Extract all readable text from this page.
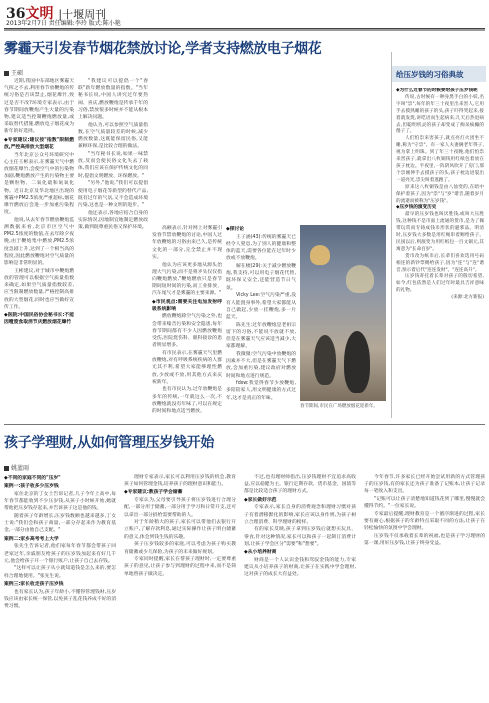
36文明 |十堰周刊
2013年2月7日 责任编辑:李玲 版式:陈小艳
雾霾天引发春节烟花禁放讨论,学者支持燃放电子烟花
王硕

近期,我国中东部地区雾霾天气挥之不去,利用春节放鞭炮的传统习俗是否该禁止,烟花爆竹,致过是否不改?环境专家表示,由于春节期间放鞭炮产生大量的污染物,建议适当控制鞭炮燃放量,或采取替代措施,燃放电子烟花成为新年的好选择。

◆专家建议:建议按"指数"限制燃放,严控高排放大型烟花

当年北京公众号环境研究中心主任王彬表示,在雾霾天气中燃放烟花爆竹,会使空气中的污染物加剧,鞭炮燃放产生的污染物主要是颗粒物、二氧化硫和氮氧化物。近日北京及华北地区出现的雾霾中PM2.5浓度严重超标,烟花爆竹燃放后会进一步加重污染程度。

他说,从去年春节燃放鞭炮监测数据来看,北京市区空气中PM2.5浓度的数值,在去年除夕夜晚,由于鞭炮集中燃放,PM2.5浓度急剧上升,达到了一个相当高的程度,因此燃放鞭炮对空气质量的影响是非常明显的。

王彬建议,对于城市中鞭炮燃放的管理可以根据空气质量指数来确定,如果空气质量指数较差,应当限制燃放数量,严格控制高排放的大型烟花,同时也应当做好宣传工作。

◆医院:中国民俗协会秘书长:不能因噎废食取消节庆燃放烟花爆竹

"我建议可以提倡一个"春联"新年燃放数量的指数。"当年秘书长说,中国人讲究过年要热闹、喜庆,燃放鞭炮是传承千年的习俗,禁放很多时候并不能从根本上解决问题。

他认为,可以参照空气质量指数,在空气质量较差的时候,减少燃放数量,这既能保留民俗,又能兼顾环保,是比较合理的做法。

"当年秘书长说,如果一味禁放,反而会使民俗文化失去了载体,我们应该在保护传统文化的同时,提倡文明燃放、环保燃放。"

"另外,"他说,"我们可以提倡使用电子烟花等新型的替代产品,既有过年的气氛,又不会造成环境污染,这也是一种文明的进步。"

他还表示,各地应结合自身的实际情况,因地制宜地制定燃放政策,做到既尊重民俗又保护环境。	高额表示,针对网上对雾霾引发春节禁放鞭炮的讨论,中国人过年放鞭炮的习俗由来已久,是传统文化的一部分,完全禁止并不现实。

他认为应该更多地从源头治理大气污染,而不是将矛头仅仅指向鞭炮燃放,"鞭炮燃放只是春节期间短时间的污染,而工业排放、汽车尾气才是雾霾的主要来源。"

◆市民观点:需要关注电加发射呼吸系统影响

燃放鞭炮除空气污染之外,也会带来噪音污染和安全隐患,每年春节期间都有不少人因燃放鞭炮受伤,医院烧伤科、眼科接诊的患者明显增多。

有市民表示,在雾霾天气里燃放鞭炮,对有呼吸系统疾病的人群尤其不利,希望大家能够理性燃放,少放或不放,用其他方式来庆祝新年。

也有市民认为,过年放鞭炮是多年的传统,一年就这么一次,不放鞭炮就没有年味了,可以在规定的时间和地点适当燃放。

◆探讨论

王子涵(43):传统的雾霾天已经令人窒息,为了别人的健康和整体的蓝天,需要各位能在过年时少放或不放鞭炮。

解在梳(29):关于减少燃放鞭炮,我支持,可以用电子烟花代替,既环保又安全,还能营造节日气氛。

Vicky Lee:空气污染严重,没有人能置身事外,希望大家都能从自己做起,少放一挂鞭炮,多一片蓝天。

陈先生:过年放鞭炮是老祖宗留下的习俗,不能说不放就不放,但是在雾霾天气应该适当减少,大家都理解。

我微微:空气污染中放鞭炮的因素并不大,但是在雾霾天气下燃放,会加重污染,建议政府对燃放时间和地点进行规范。

fdsw:我觉得春节少放鞭炮,多陪陪家人,用文明健康的方式过年,这才是真正的年味。

春节期间,市民在广场燃放烟花迎新年。
给压岁钱的习俗典故

◆为什么过春节的时候要给孩子压岁钱呢

传说,古时候有一种身黑手白的小妖,名字叫"祟",每年的年三十夜里出来害人,它用手去摸熟睡的孩子的头,孩子吓得哭起来,接着就发烧,讲呓语而生起病来,几天后热退病去,但聪明机灵的孩子却变成了痴呆疯癫的傻子了。

人们怕祟来害孩子,就点亮灯火团坐不睡,称为"守祟"。有一家人夫妻俩老年得子,视为掌上明珠。到了年三十夜晚,他们怕祟来害孩子,就拿出八枚铜钱用红纸包着放在孩子枕边。半夜里,一阵阴风吹开了房门,那个祟刚伸手去摸孩子的头,孩子枕边迸裂出一道亮光,祟尖叫着逃跑了。

原来这八枚铜钱是由八仙变的,在暗中保护着孩子,因为"祟"与"岁"谐音,随着岁月的流逝而被称为"压岁钱"。

◆压岁钱的演变历史

最早的压岁钱也叫厌胜钱,或叫大压胜钱,这种钱不是市面上流通的货币,是为了佩带玩赏而专铸成钱币形状的避邪品。明清时,压岁钱大多数是用红绳串着赐给孩子。民国以后,则演变为用红纸包一百文铜元,其寓意为"长命百岁"。

货币改为纸币后,长辈们喜欢选用号码相连的新钞票赐给孩子,因为"连"与"连"谐音,预示着后代"连连发财"、"连连高升"。

压岁钱寄托着长辈对孩子的殷切希望,如今,红包依然是人们过年时最具吉祥意味的礼物。

(来源:北方新报)

孩子学理财,从如何管理压岁钱开始
姚蓝雨

◆不同的家庭不同的"压岁"

案例一:孩子收多少压岁钱

家住北京的丁女士告诉记者,儿子今年上高中,每年春节都能收到不少压岁钱,从孩子小时候开始,她就帮他把压岁钱存起来,并告诉孩子这是他的钱。

随着孩子年龄增长,压岁钱数额也越来越多,丁女士说:"我们会和孩子商量,一部分存起来作为教育基金,一部分由他自己支配。"

案例二:家乡高考考上大学

张先生告诉记者,他们家每年春节都会带孩子回老家过年,亲戚朋友给孩子的压岁钱加起来有好几千元,他会给孩子开一个银行账户,让孩子自己去存钱。

"这样可以让孩子从小就知道钱是怎么来的,要怎样合理地使用。"张先生说。

案例三:家长收走孩子压岁钱

也有家长认为,孩子年龄小,不懂得管理钱财,压岁钱应该由家长统一保管,以免孩子乱花钱养成不好的消费习惯。

理财专家表示,家长可以利用压岁钱的机会,教育孩子如何管理金钱,培养孩子的理财意识和能力。

◆专家建议:教孩子学会储蓄

专家认为,父母要引导孩子将压岁钱进行合理分配,一部分用于储蓄,一部分用于学习和日常开支,还可以拿出一部分捐给需要帮助的人。

对于年龄稍大的孩子,家长可以带他们去银行开立账户,了解存款利息,通过实际操作让孩子明白储蓄的意义,体会到钱生钱的乐趣。

孩子压岁钱较多的家庭,可以考虑为孩子购买教育储蓄或少儿保险,为孩子的未来做好规划。

专家同时提醒,家长在帮孩子理财时,一定要尊重孩子的意见,让孩子参与到理财的过程中来,而不是简单地替孩子做决定。

不过,也有理财师指出,压岁钱理财不宜追求高收益,应以稳健为主。银行定期存款、货币基金、国债等都是比较适合孩子的理财方式。

◆家长做好示范

专家表示,家长自身的消费观念和理财习惯对孩子有着潜移默化的影响,家长应该以身作则,为孩子树立合理消费、科学理财的榜样。

有的家长反映,孩子拿到压岁钱后就想买玩具、零食,针对这种情况,家长可以和孩子一起制订消费计划,让孩子学会区分"需要"和"想要"。

◆从小培养财商

财商是一个人认识金钱和驾驭金钱的能力,专家建议从小培养孩子的财商,让孩子在实践中学会理财,这对孩子的成长大有益处。

今年春节,许多家长已经开始尝试用新的方式管理孩子的压岁钱,有的家长还为孩子准备了记账本,让孩子记录每一笔收入和支出。

"记账可以让孩子清楚地知道钱花到了哪里,慢慢就会懂得节约。"一位家长说。

专家最后提醒,理财教育是一个循序渐进的过程,家长要有耐心,根据孩子的年龄特点采取不同的方法,让孩子在轻松愉快的氛围中学会理财。

压岁钱不仅承载着长辈的祝福,也是孩子学习理财的第一课,用好压岁钱,让孩子终身受益。
